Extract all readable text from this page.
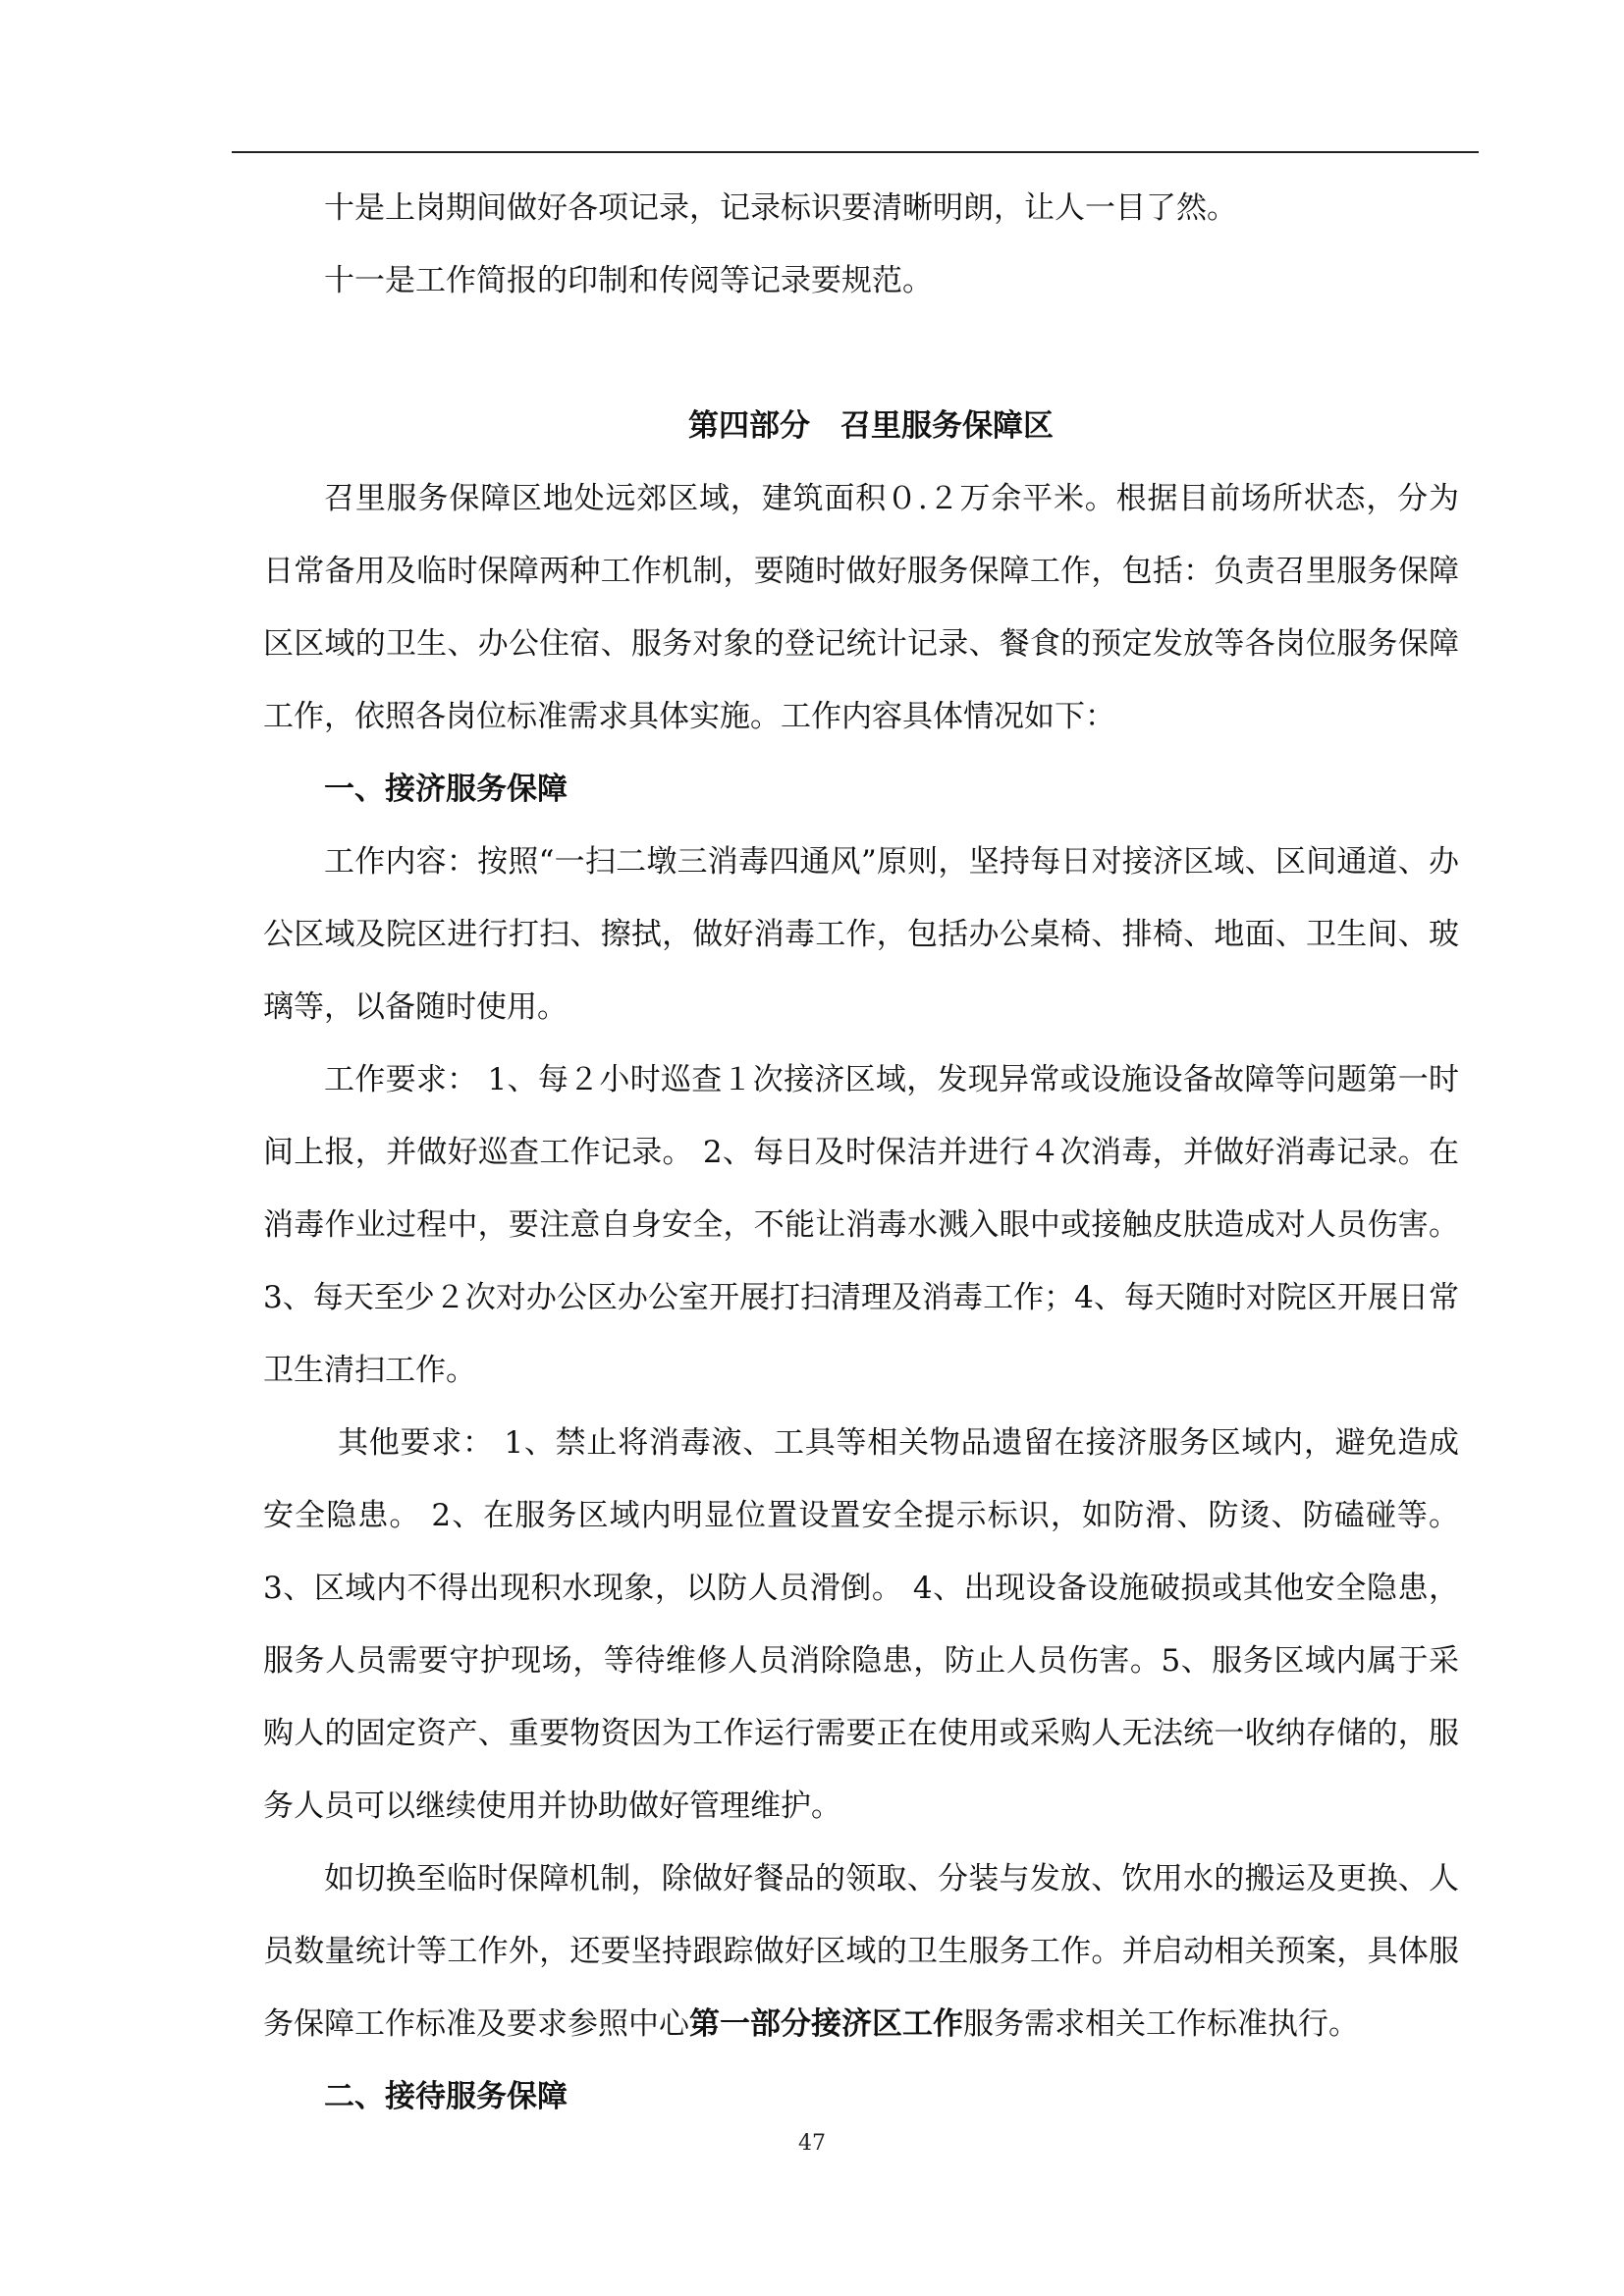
十是上岗期间做好各项记录，记录标识要清晰明朗，让人一目了然。

十一是工作简报的印制和传阅等记录要规范。

第四部分　召里服务保障区

召里服务保障区地处远郊区域，建筑面积０.２万余平米。根据目前场所状态，分为日常备用及临时保障两种工作机制，要随时做好服务保障工作，包括：负责召里服务保障区区域的卫生、办公住宿、服务对象的登记统计记录、餐食的预定发放等各岗位服务保障工作，依照各岗位标准需求具体实施。工作内容具体情况如下：

一、接济服务保障

工作内容：按照“一扫二墩三消毒四通风”原则，坚持每日对接济区域、区间通道、办公区域及院区进行打扫、擦拭，做好消毒工作，包括办公桌椅、排椅、地面、卫生间、玻璃等，以备随时使用。

工作要求： 1、每２小时巡查１次接济区域，发现异常或设施设备故障等问题第一时间上报，并做好巡查工作记录。 2、每日及时保洁并进行４次消毒，并做好消毒记录。在消毒作业过程中，要注意自身安全，不能让消毒水溅入眼中或接触皮肤造成对人员伤害。3、每天至少２次对办公区办公室开展打扫清理及消毒工作；4、每天随时对院区开展日常卫生清扫工作。

其他要求： 1、禁止将消毒液、工具等相关物品遗留在接济服务区域内，避免造成安全隐患。 2、在服务区域内明显位置设置安全提示标识，如防滑、防烫、防磕碰等。 3、区域内不得出现积水现象，以防人员滑倒。 4、出现设备设施破损或其他安全隐患，服务人员需要守护现场，等待维修人员消除隐患，防止人员伤害。5、服务区域内属于采购人的固定资产、重要物资因为工作运行需要正在使用或采购人无法统一收纳存储的，服务人员可以继续使用并协助做好管理维护。

如切换至临时保障机制，除做好餐品的领取、分装与发放、饮用水的搬运及更换、人员数量统计等工作外，还要坚持跟踪做好区域的卫生服务工作。并启动相关预案，具体服务保障工作标准及要求参照中心第一部分接济区工作服务需求相关工作标准执行。

二、接待服务保障

47
